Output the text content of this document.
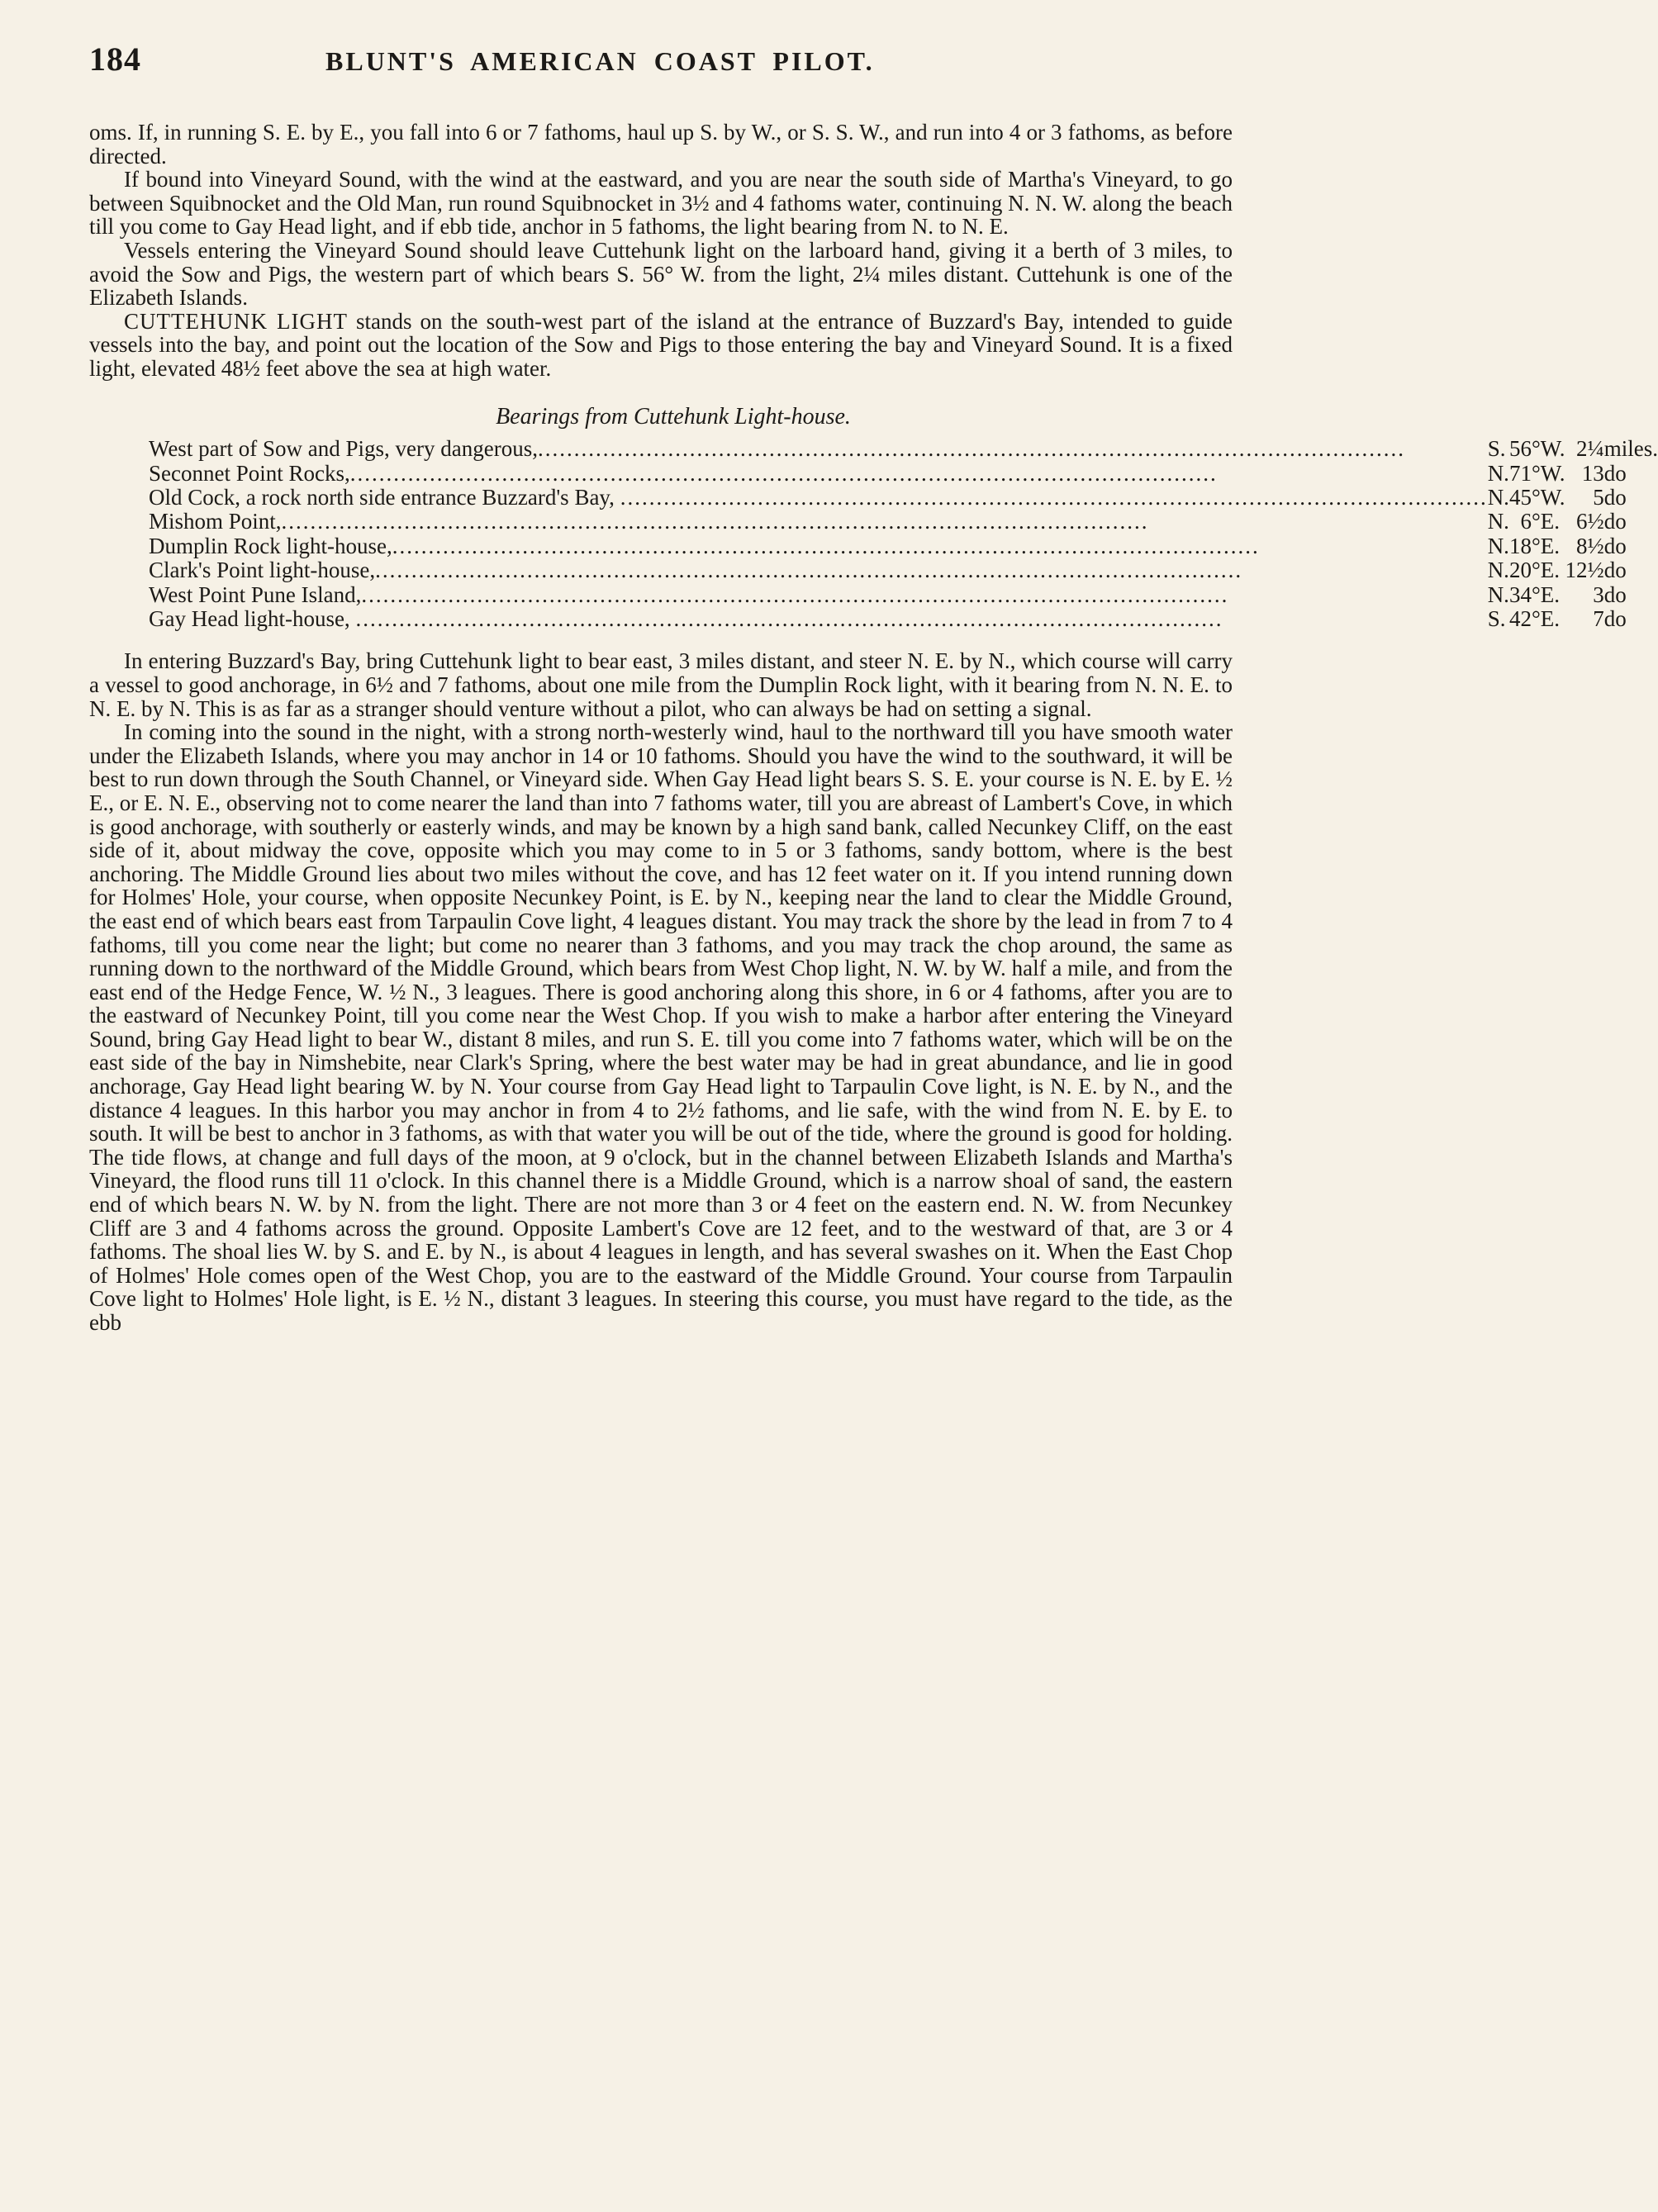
184	BLUNT'S AMERICAN COAST PILOT.

oms. If, in running S. E. by E., you fall into 6 or 7 fathoms, haul up S. by W., or S. S. W., and run into 4 or 3 fathoms, as before directed.

If bound into Vineyard Sound, with the wind at the eastward, and you are near the south side of Martha's Vineyard, to go between Squibnocket and the Old Man, run round Squibnocket in 3½ and 4 fathoms water, continuing N. N. W. along the beach till you come to Gay Head light, and if ebb tide, anchor in 5 fathoms, the light bearing from N. to N. E.

Vessels entering the Vineyard Sound should leave Cuttehunk light on the larboard hand, giving it a berth of 3 miles, to avoid the Sow and Pigs, the western part of which bears S. 56° W. from the light, 2¼ miles distant. Cuttehunk is one of the Elizabeth Islands.

CUTTEHUNK LIGHT stands on the south-west part of the island at the entrance of Buzzard's Bay, intended to guide vessels into the bay, and point out the location of the Sow and Pigs to those entering the bay and Vineyard Sound. It is a fixed light, elevated 48½ feet above the sea at high water.

Bearings from Cuttehunk Light-house.
West part of Sow and Pigs, very dangerous,........................................................................................................................	S.	56°	W.	2¼	miles.
Seconnet Point Rocks,........................................................................................................................	N.	71°	W.	13	do
Old Cock, a rock north side entrance Buzzard's Bay, ........................................................................................................................	N.	45°	W.	5	do
Mishom Point,........................................................................................................................	N.	6°	E.	6½	do
Dumplin Rock light-house,........................................................................................................................	N.	18°	E.	8½	do
Clark's Point light-house,........................................................................................................................	N.	20°	E.	12½	do
West Point Pune Island,........................................................................................................................	N.	34°	E.	3	do
Gay Head light-house, ........................................................................................................................	S.	42°	E.	7	do

In entering Buzzard's Bay, bring Cuttehunk light to bear east, 3 miles distant, and steer N. E. by N., which course will carry a vessel to good anchorage, in 6½ and 7 fathoms, about one mile from the Dumplin Rock light, with it bearing from N. N. E. to N. E. by N. This is as far as a stranger should venture without a pilot, who can always be had on setting a signal.

In coming into the sound in the night, with a strong north-westerly wind, haul to the northward till you have smooth water under the Elizabeth Islands, where you may anchor in 14 or 10 fathoms. Should you have the wind to the southward, it will be best to run down through the South Channel, or Vineyard side. When Gay Head light bears S. S. E. your course is N. E. by E. ½ E., or E. N. E., observing not to come nearer the land than into 7 fathoms water, till you are abreast of Lambert's Cove, in which is good anchorage, with southerly or easterly winds, and may be known by a high sand bank, called Necunkey Cliff, on the east side of it, about midway the cove, opposite which you may come to in 5 or 3 fathoms, sandy bottom, where is the best anchoring. The Middle Ground lies about two miles without the cove, and has 12 feet water on it. If you intend running down for Holmes' Hole, your course, when opposite Necunkey Point, is E. by N., keeping near the land to clear the Middle Ground, the east end of which bears east from Tarpaulin Cove light, 4 leagues distant. You may track the shore by the lead in from 7 to 4 fathoms, till you come near the light; but come no nearer than 3 fathoms, and you may track the chop around, the same as running down to the northward of the Middle Ground, which bears from West Chop light, N. W. by W. half a mile, and from the east end of the Hedge Fence, W. ½ N., 3 leagues. There is good anchoring along this shore, in 6 or 4 fathoms, after you are to the eastward of Necunkey Point, till you come near the West Chop. If you wish to make a harbor after entering the Vineyard Sound, bring Gay Head light to bear W., distant 8 miles, and run S. E. till you come into 7 fathoms water, which will be on the east side of the bay in Nimshebite, near Clark's Spring, where the best water may be had in great abundance, and lie in good anchorage, Gay Head light bearing W. by N. Your course from Gay Head light to Tarpaulin Cove light, is N. E. by N., and the distance 4 leagues. In this harbor you may anchor in from 4 to 2½ fathoms, and lie safe, with the wind from N. E. by E. to south. It will be best to anchor in 3 fathoms, as with that water you will be out of the tide, where the ground is good for holding. The tide flows, at change and full days of the moon, at 9 o'clock, but in the channel between Elizabeth Islands and Martha's Vineyard, the flood runs till 11 o'clock. In this channel there is a Middle Ground, which is a narrow shoal of sand, the eastern end of which bears N. W. by N. from the light. There are not more than 3 or 4 feet on the eastern end. N. W. from Necunkey Cliff are 3 and 4 fathoms across the ground. Opposite Lambert's Cove are 12 feet, and to the westward of that, are 3 or 4 fathoms. The shoal lies W. by S. and E. by N., is about 4 leagues in length, and has several swashes on it. When the East Chop of Holmes' Hole comes open of the West Chop, you are to the eastward of the Middle Ground. Your course from Tarpaulin Cove light to Holmes' Hole light, is E. ½ N., distant 3 leagues. In steering this course, you must have regard to the tide, as the ebb
